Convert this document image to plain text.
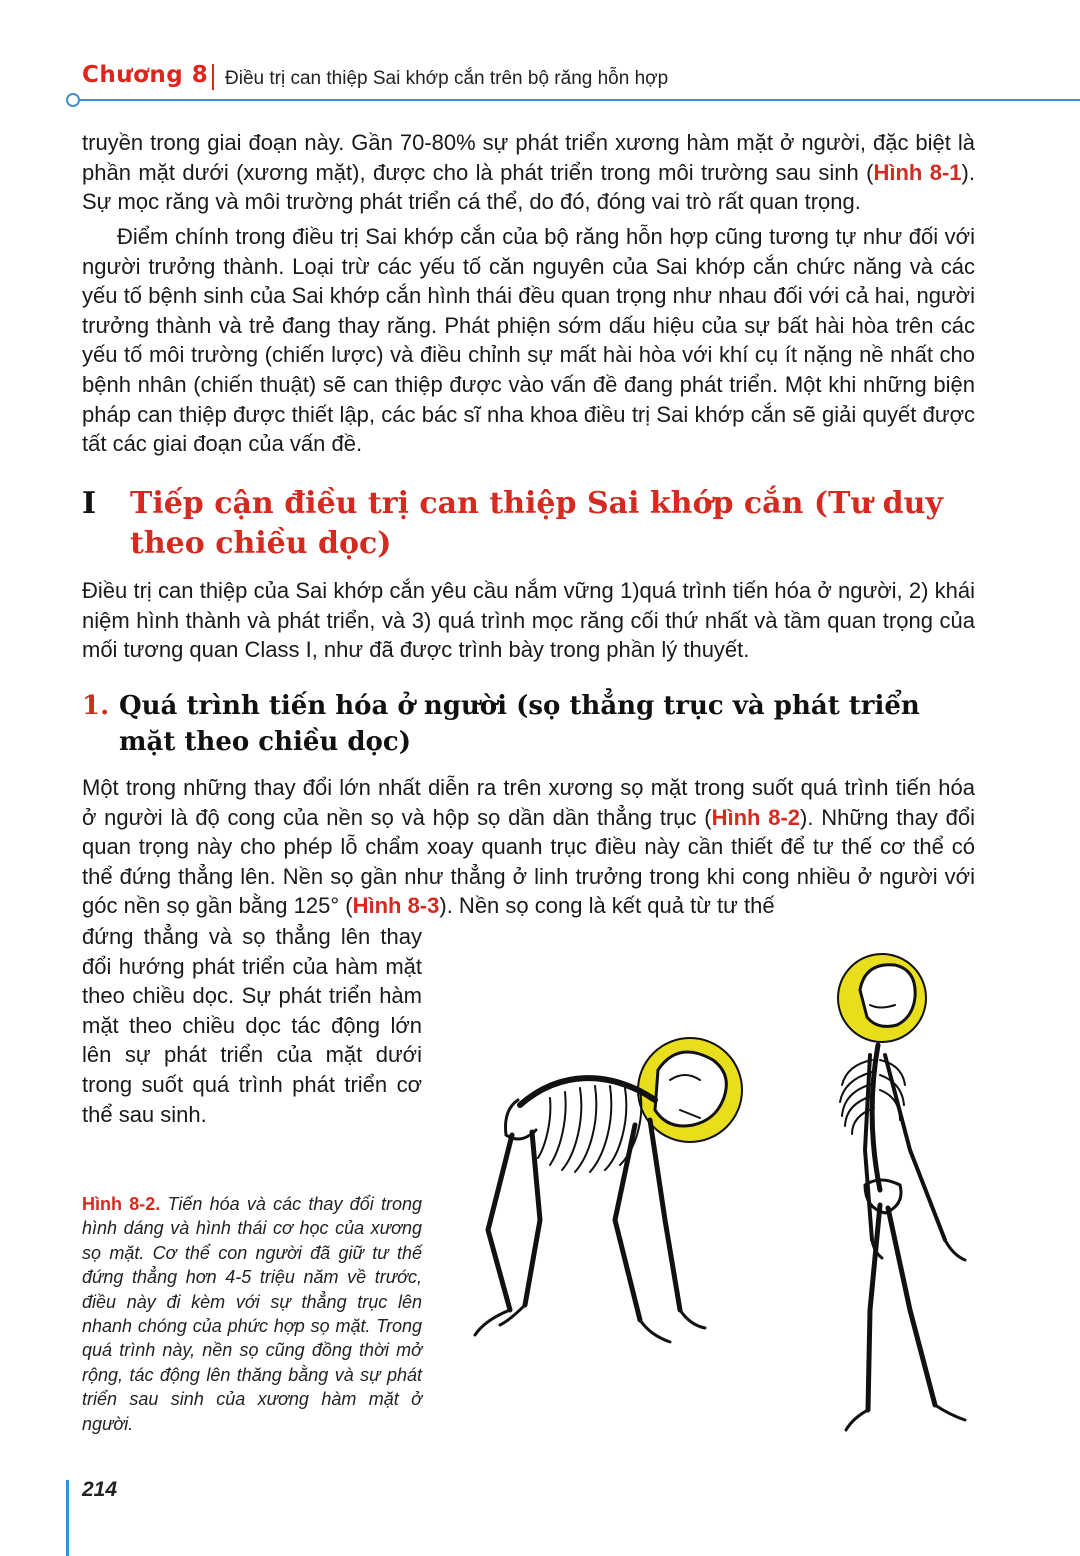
Chương 8 Điều trị can thiệp Sai khớp cắn trên bộ răng hỗn hợp

truyền trong giai đoạn này. Gần 70-80% sự phát triển xương hàm mặt ở người, đặc biệt là phần mặt dưới (xương mặt), được cho là phát triển trong môi trường sau sinh (Hình 8-1). Sự mọc răng và môi trường phát triển cá thể, do đó, đóng vai trò rất quan trọng.

Điểm chính trong điều trị Sai khớp cắn của bộ răng hỗn hợp cũng tương tự như đối với người trưởng thành. Loại trừ các yếu tố căn nguyên của Sai khớp cắn chức năng và các yếu tố bệnh sinh của Sai khớp cắn hình thái đều quan trọng như nhau đối với cả hai, người trưởng thành và trẻ đang thay răng. Phát phiện sớm dấu hiệu của sự bất hài hòa trên các yếu tố môi trường (chiến lược) và điều chỉnh sự mất hài hòa với khí cụ ít nặng nề nhất cho bệnh nhân (chiến thuật) sẽ can thiệp được vào vấn đề đang phát triển. Một khi những biện pháp can thiệp được thiết lập, các bác sĩ nha khoa điều trị Sai khớp cắn sẽ giải quyết được tất các giai đoạn của vấn đề.

I Tiếp cận điều trị can thiệp Sai khớp cắn (Tư duy theo chiều dọc)

Điều trị can thiệp của Sai khớp cắn yêu cầu nắm vững 1)quá trình tiến hóa ở người, 2) khái niệm hình thành và phát triển, và 3) quá trình mọc răng cối thứ nhất và tầm quan trọng của mối tương quan Class I, như đã được trình bày trong phần lý thuyết.

1. Quá trình tiến hóa ở người (sọ thẳng trục và phát triển mặt theo chiều dọc)

Một trong những thay đổi lớn nhất diễn ra trên xương sọ mặt trong suốt quá trình tiến hóa ở người là độ cong của nền sọ và hộp sọ dần dần thẳng trục (Hình 8-2). Những thay đổi quan trọng này cho phép lỗ chẩm xoay quanh trục điều này cần thiết để tư thế cơ thể có thể đứng thẳng lên. Nền sọ gần như thẳng ở linh trưởng trong khi cong nhiều ở người với góc nền sọ gần bằng 125° (Hình 8-3). Nền sọ cong là kết quả từ tư thế

đứng thẳng và sọ thẳng lên thay đổi hướng phát triển của hàm mặt theo chiều dọc. Sự phát triển hàm mặt theo chiều dọc tác động lớn lên sự phát triển của mặt dưới trong suốt quá trình phát triển cơ thể sau sinh.

Hình 8-2. Tiến hóa và các thay đổi trong hình dáng và hình thái cơ học của xương sọ mặt. Cơ thể con người đã giữ tư thế đứng thẳng hơn 4-5 triệu năm về trước, điều này đi kèm với sự thẳng trục lên nhanh chóng của phức hợp sọ mặt. Trong quá trình này, nền sọ cũng đồng thời mở rộng, tác động lên thăng bằng và sự phát triển sau sinh của xương hàm mặt ở người.
214
